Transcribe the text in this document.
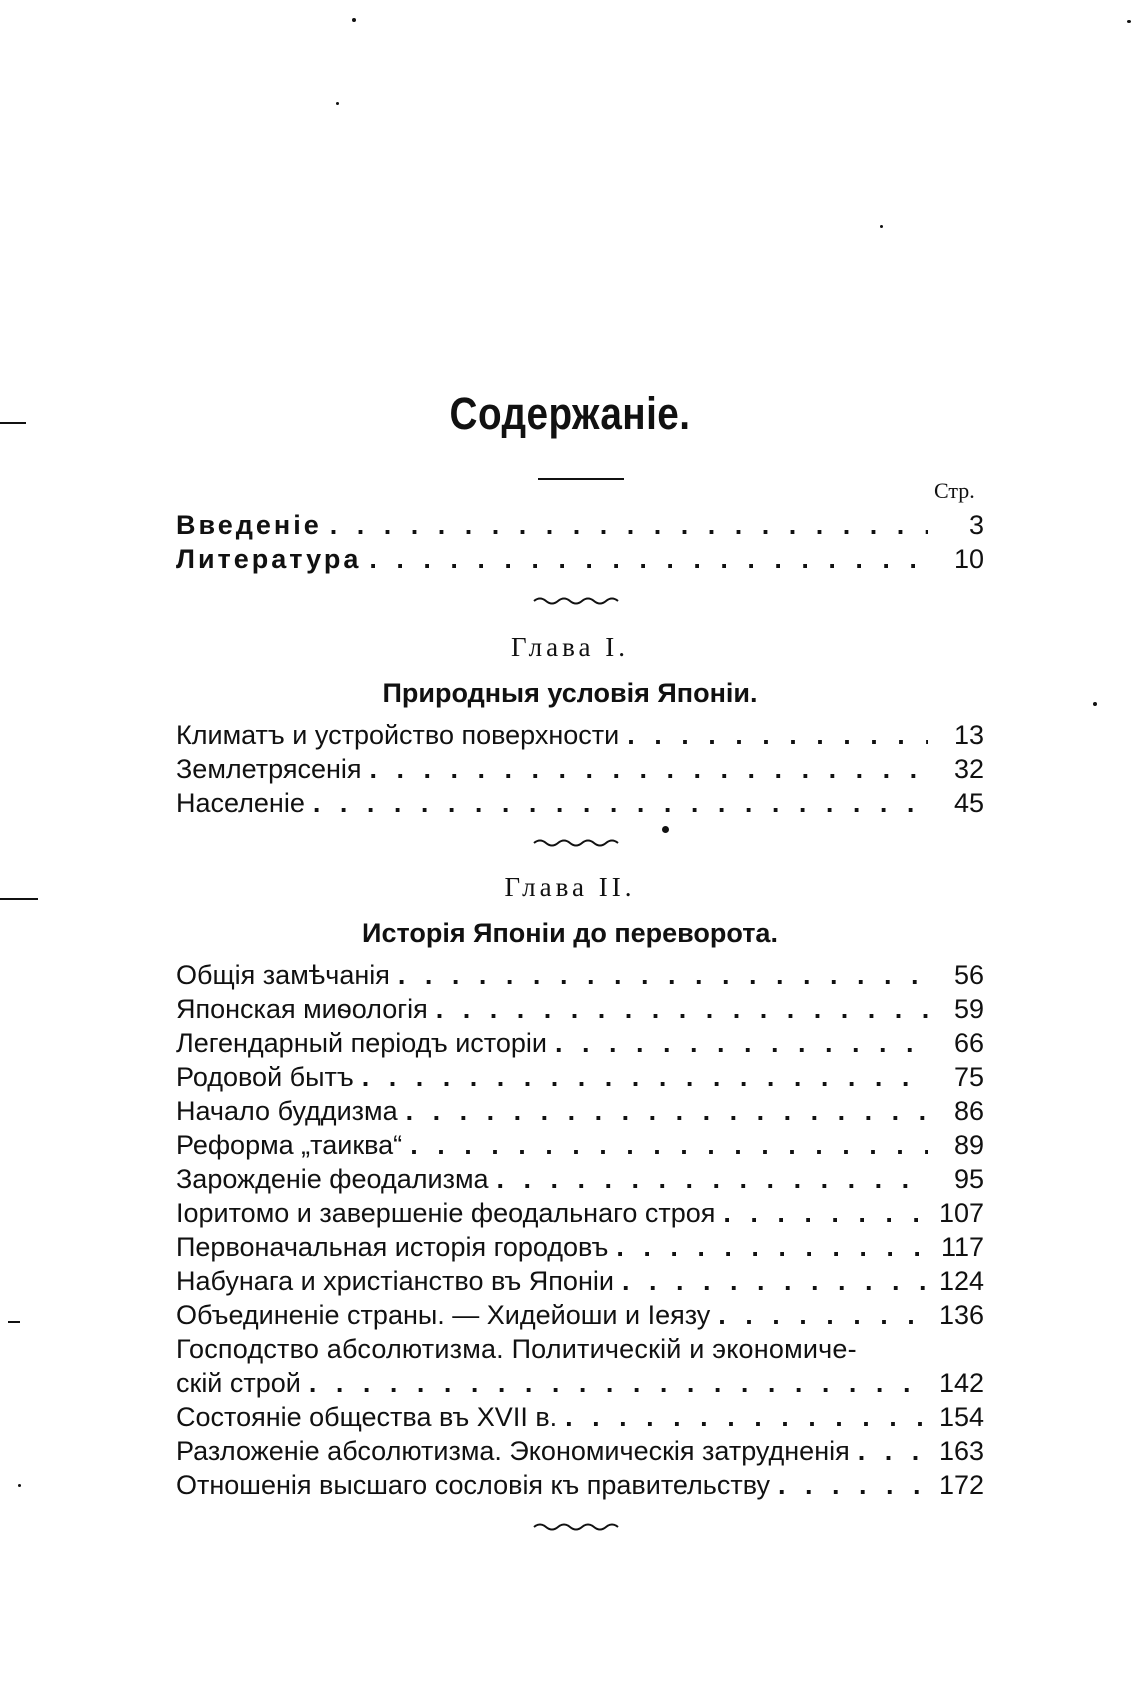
Содержаніе.
Стр.
Введеніе . . .	3
Литература . . .	10
Глава I.
Природныя условія Японіи.
Климатъ и устройство поверхности . . .	13
Землетрясенія . . .	32
Населеніе . . .	45
Глава II.
Исторія Японіи до переворота.
Общія замѣчанія . . .	56
Японская миѳологія . . .	59
Легендарный періодъ исторіи . . .	66
Родовой бытъ . . .	75
Начало буддизма . . .	86
Реформа „таиква“ . . .	89
Зарожденіе феодализма . . .	95
Іоритомо и завершеніе феодальнаго строя . . .	107
Первоначальная исторія городовъ . . .	117
Набунага и христіанство въ Японіи . . .	124
Объединеніе страны. — Хидейоши и Іеязу . . .	136
Господство абсолютизма. Политическій и экономиче-
скій строй . . .	142
Состояніе общества въ XVII в. . . .	154
Разложеніе абсолютизма. Экономическія затрудненія . . .	163
Отношенія высшаго сословія къ правительству . . .	172
